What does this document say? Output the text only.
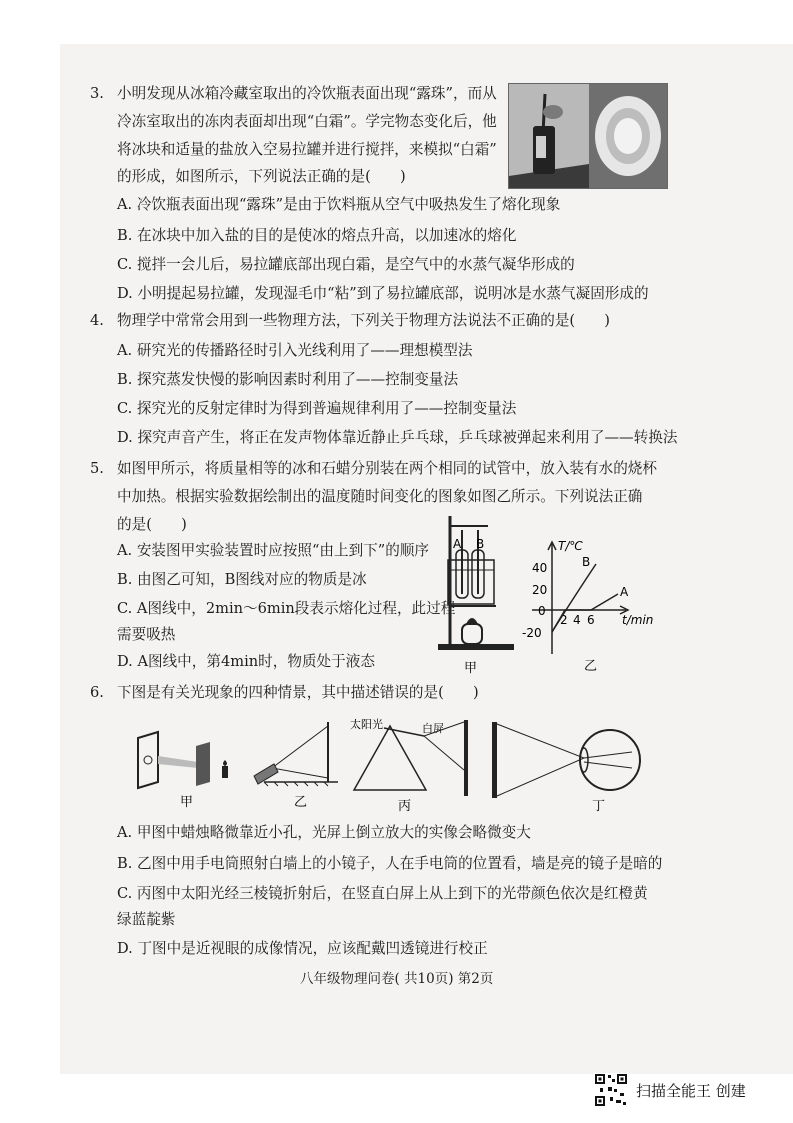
3. 小明发现从冰箱冷藏室取出的冷饮瓶表面出现“露珠”，而从
冷冻室取出的冻肉表面却出现“白霜”。学完物态变化后，他
将冰块和适量的盐放入空易拉罐并进行搅拌，来模拟“白霜”
的形成，如图所示，下列说法正确的是(　　)
A. 冷饮瓶表面出现“露珠”是由于饮料瓶从空气中吸热发生了熔化现象
B. 在冰块中加入盐的目的是使冰的熔点升高，以加速冰的熔化
C. 搅拌一会儿后，易拉罐底部出现白霜，是空气中的水蒸气凝华形成的
D. 小明提起易拉罐，发现湿毛巾“粘”到了易拉罐底部，说明冰是水蒸气凝固形成的
4. 物理学中常常会用到一些物理方法，下列关于物理方法说法不正确的是(　　)
A. 研究光的传播路径时引入光线利用了——理想模型法
B. 探究蒸发快慢的影响因素时利用了——控制变量法
C. 探究光的反射定律时为得到普遍规律利用了——控制变量法
D. 探究声音产生，将正在发声物体靠近静止乒乓球，乒乓球被弹起来利用了——转换法
5. 如图甲所示，将质量相等的冰和石蜡分别装在两个相同的试管中，放入装有水的烧杯
中加热。根据实验数据绘制出的温度随时间变化的图象如图乙所示。下列说法正确
的是(　　)
A. 安装图甲实验装置时应按照“由上到下”的顺序
B. 由图乙可知，B图线对应的物质是冰
C. A图线中，2min～6min段表示熔化过程，此过程
需要吸热
D. A图线中，第4min时，物质处于液态
A B
甲
T/℃
t/min
40
20
0
-20
2 4 6
B
A
乙
6. 下图是有关光现象的四种情景，其中描述错误的是(　　)
甲	乙
太阳光	白屏
丙	丁
A. 甲图中蜡烛略微靠近小孔，光屏上倒立放大的实像会略微变大
B. 乙图中用手电筒照射白墙上的小镜子，人在手电筒的位置看，墙是亮的镜子是暗的
C. 丙图中太阳光经三棱镜折射后，在竖直白屏上从上到下的光带颜色依次是红橙黄
绿蓝靛紫
D. 丁图中是近视眼的成像情况，应该配戴凹透镜进行校正
八年级物理问卷( 共10页) 第2页
扫描全能王 创建
